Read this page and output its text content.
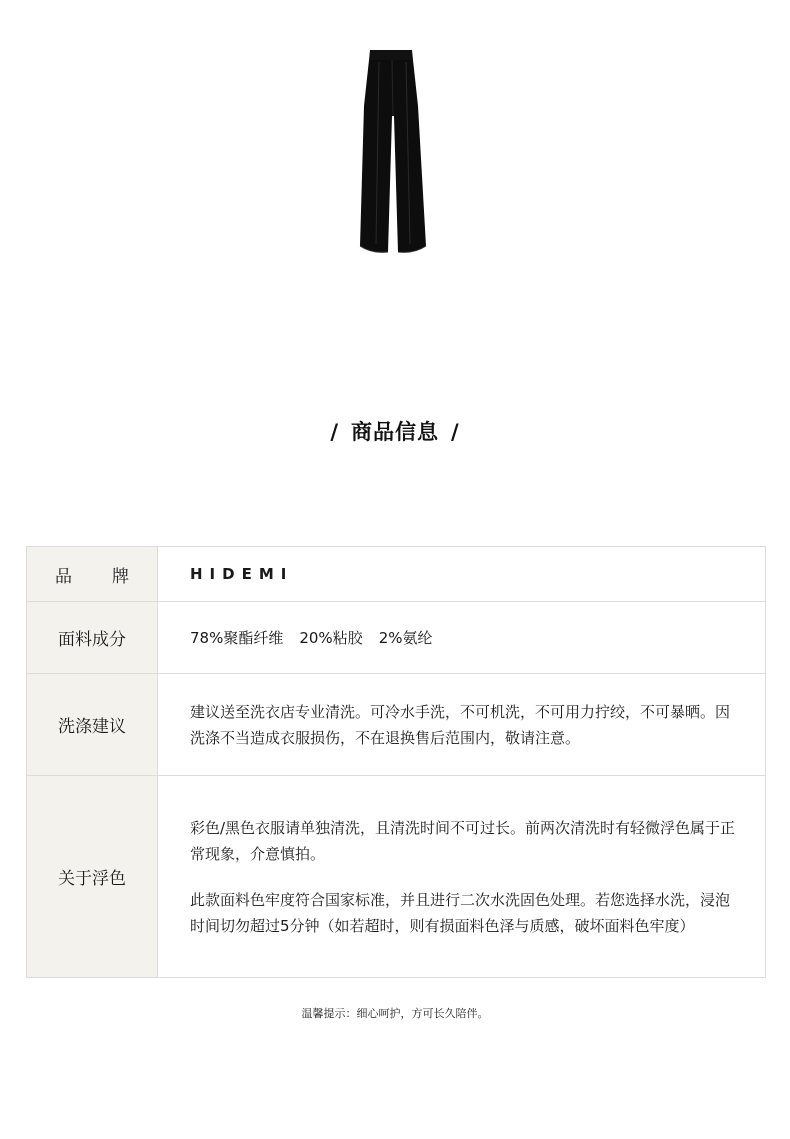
/ 商品信息 /
品牌	HIDEMI
面料成分	78%聚酯纤维 20%粘胶 2%氨纶
洗涤建议	建议送至洗衣店专业清洗。可冷水手洗，不可机洗，不可用力拧绞，不可暴晒。因洗涤不当造成衣服损伤，不在退换售后范围内，敬请注意。

关于浮色	彩色/黑色衣服请单独清洗，且清洗时间不可过长。前两次清洗时有轻微浮色属于正常现象，介意慎拍。
此款面料色牢度符合国家标准，并且进行二次水洗固色处理。若您选择水洗，浸泡时间切勿超过5分钟（如若超时，则有损面料色泽与质感，破坏面料色牢度）
温馨提示：细心呵护，方可长久陪伴。
